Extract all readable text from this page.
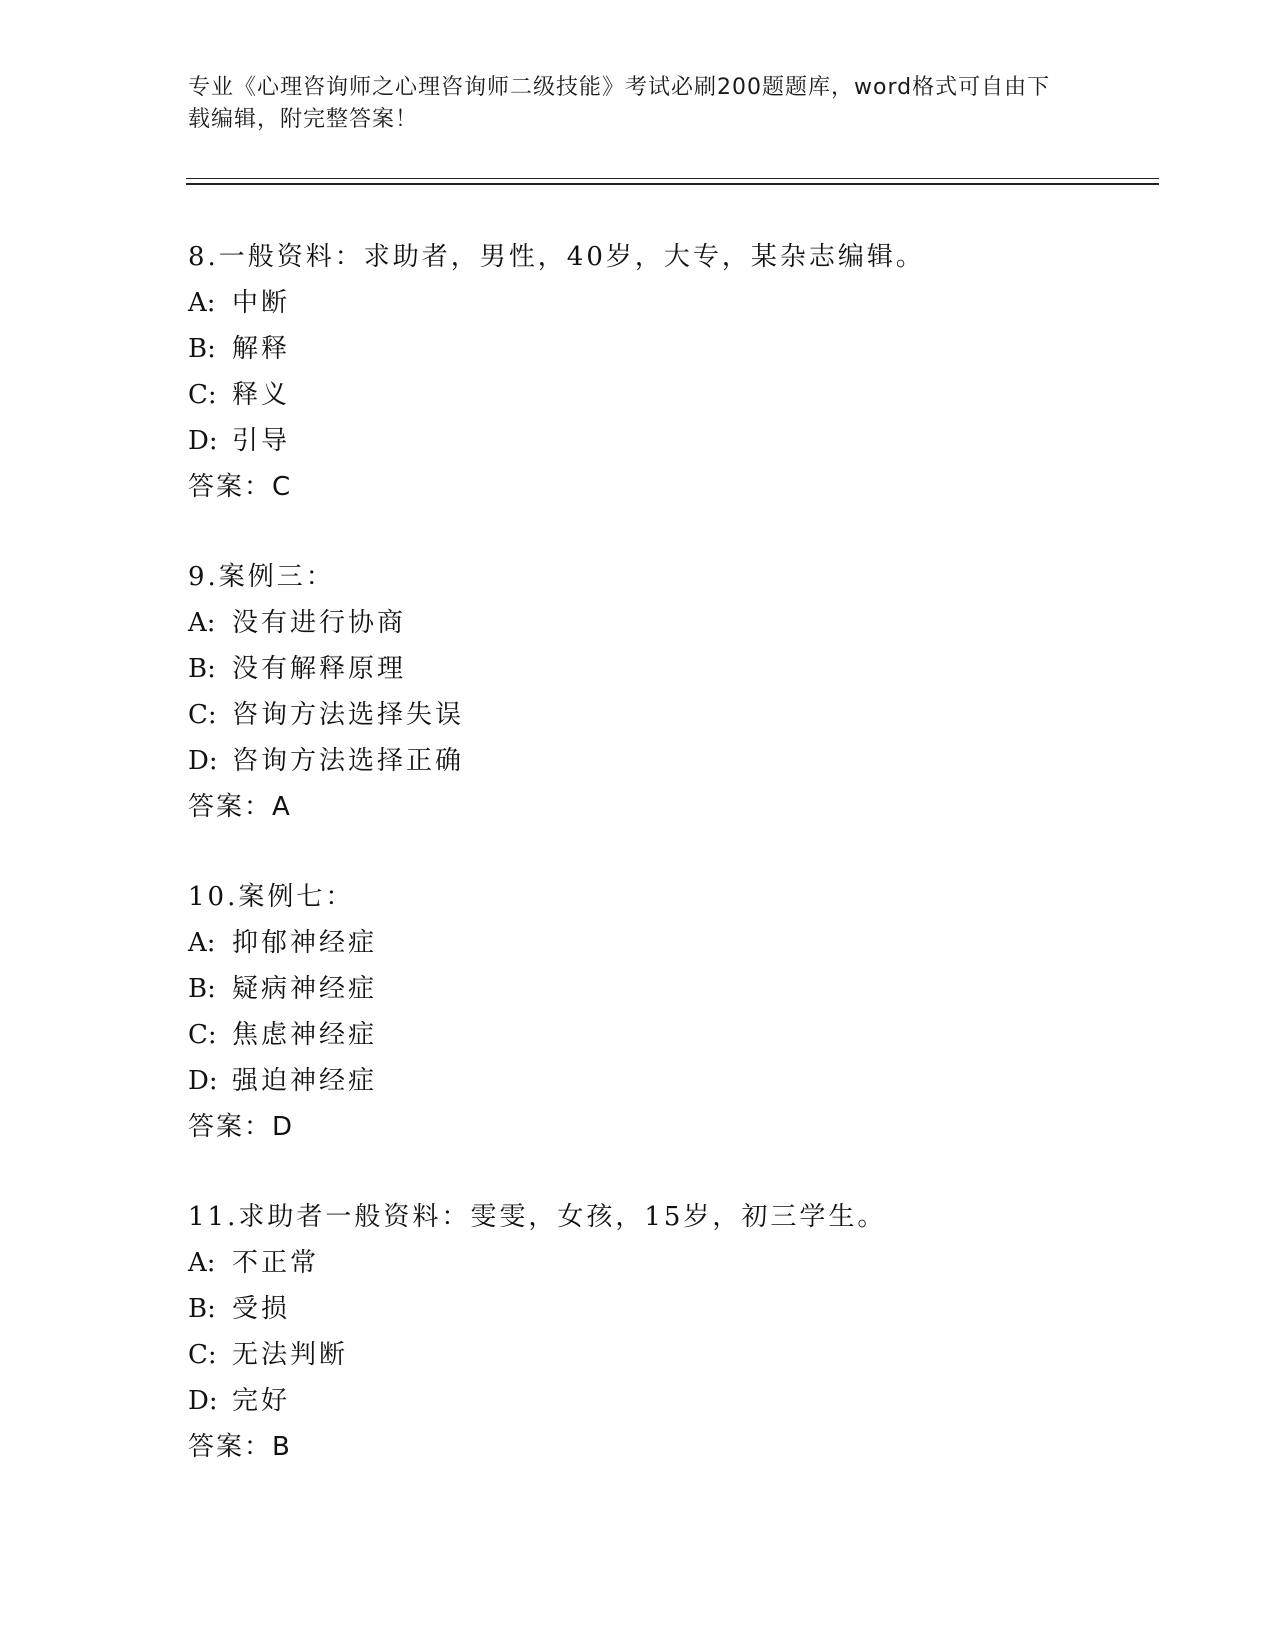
专业《心理咨询师之心理咨询师二级技能》考试必刷200题题库，word格式可自由下载编辑，附完整答案！
8.一般资料：求助者，男性，40岁，大专，某杂志编辑。
A: 中断
B: 解释
C: 释义
D: 引导
答案：C
9.案例三：
A: 没有进行协商
B: 没有解释原理
C: 咨询方法选择失误
D: 咨询方法选择正确
答案：A
10.案例七：
A: 抑郁神经症
B: 疑病神经症
C: 焦虑神经症
D: 强迫神经症
答案：D
11.求助者一般资料：雯雯，女孩，15岁，初三学生。
A: 不正常
B: 受损
C: 无法判断
D: 完好
答案：B
